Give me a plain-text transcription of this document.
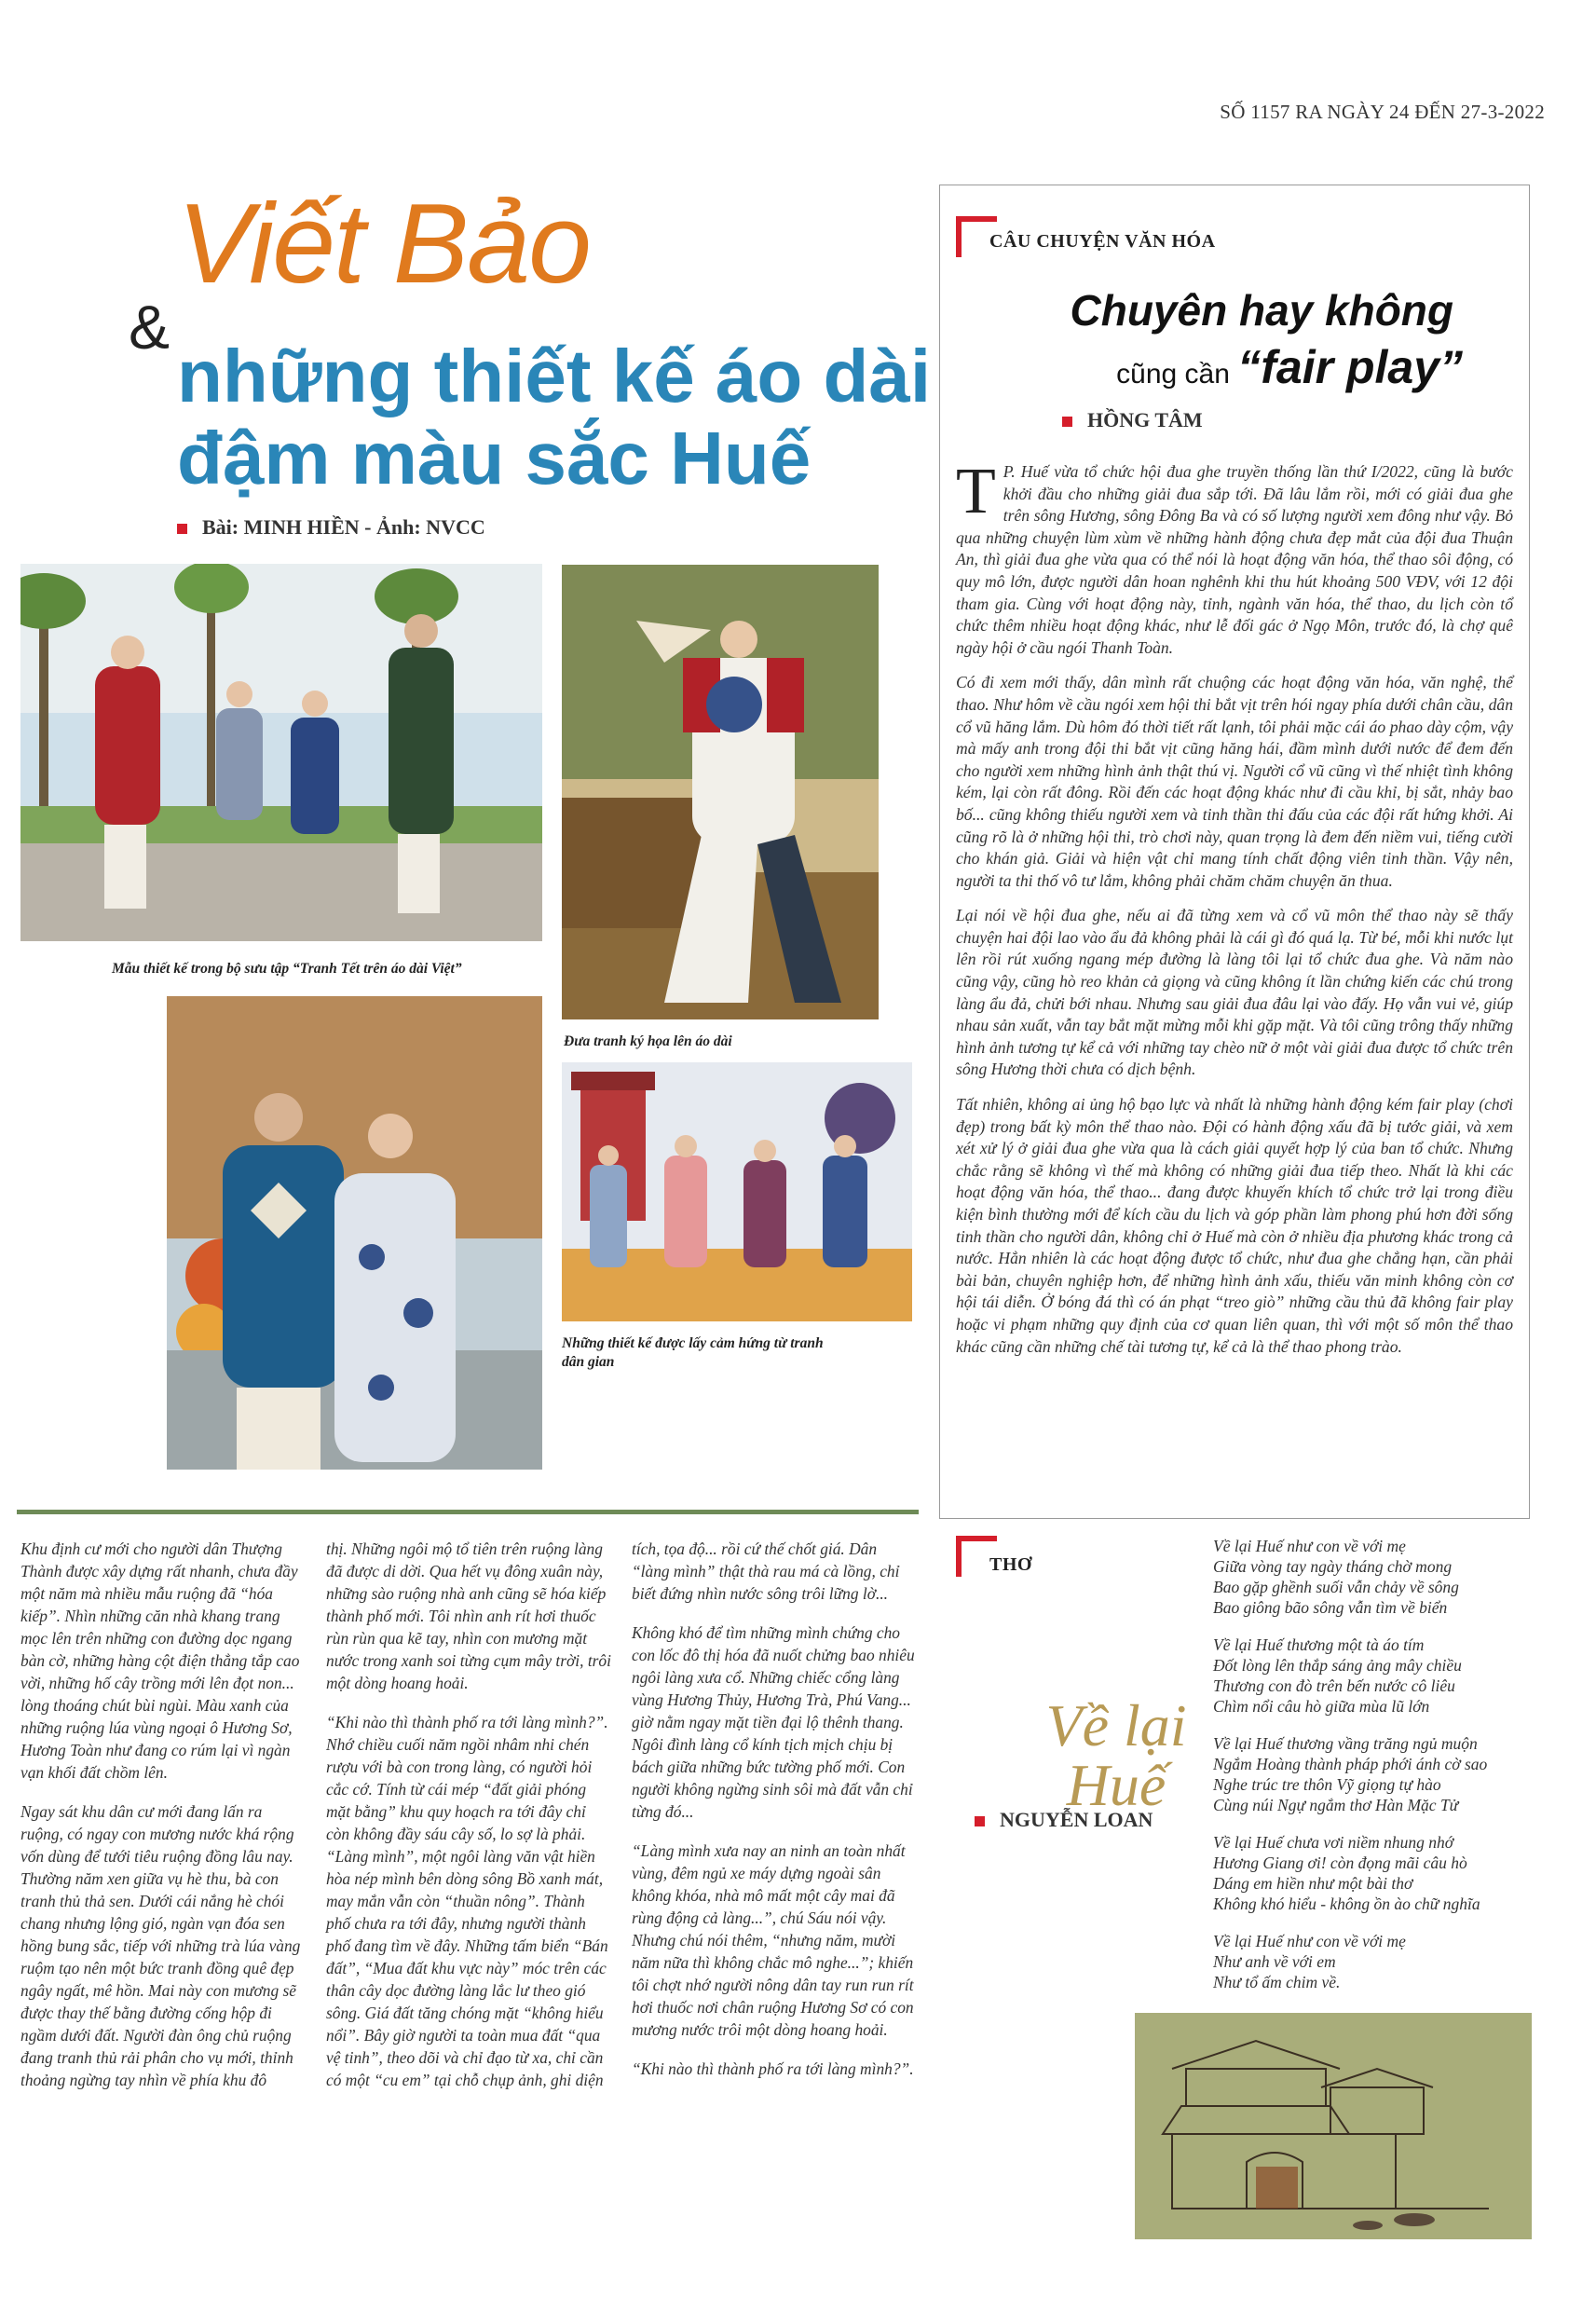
SỐ 1157 RA NGÀY 24 ĐẾN 27-3-2022
Viết Bảo
&
những thiết kế áo dài đậm màu sắc Huế
Bài: MINH HIỀN - Ảnh: NVCC
Mẫu thiết kế trong bộ sưu tập “Tranh Tết trên áo dài Việt”
Đưa tranh ký họa lên áo dài
Những thiết kế được lấy cảm hứng từ tranh dân gian

Khu định cư mới cho người dân Thượng Thành được xây dựng rất nhanh, chưa đầy một năm mà nhiều mẫu ruộng đã “hóa kiếp”. Nhìn những căn nhà khang trang mọc lên trên những con đường dọc ngang bàn cờ, những hàng cột điện thẳng tắp cao vời, những hố cây trồng mới lên đọt non... lòng thoáng chút bùi ngùi. Màu xanh của những ruộng lúa vùng ngoại ô Hương Sơ, Hương Toàn như đang co rúm lại vì ngàn vạn khối đất chồm lên.

Ngay sát khu dân cư mới đang lấn ra ruộng, có ngay con mương nước khá rộng vốn dùng để tưới tiêu ruộng đồng lâu nay. Thường năm xen giữa vụ hè thu, bà con tranh thủ thả sen. Dưới cái nắng hè chói chang nhưng lộng gió, ngàn vạn đóa sen hồng bung sắc, tiếp với những trà lúa vàng ruộm tạo nên một bức tranh đồng quê đẹp ngây ngất, mê hồn. Mai này con mương sẽ được thay thế bằng đường cống hộp đi ngầm dưới đất. Người đàn ông chủ ruộng đang tranh thủ rải phân cho vụ mới, thỉnh thoảng ngừng tay nhìn về phía khu đô

thị. Những ngôi mộ tổ tiên trên ruộng làng đã được di dời. Qua hết vụ đông xuân này, những sào ruộng nhà anh cũng sẽ hóa kiếp thành phố mới. Tôi nhìn anh rít hơi thuốc rùn rùn qua kẽ tay, nhìn con mương mặt nước trong xanh soi từng cụm mây trời, trôi một dòng hoang hoải.

“Khi nào thì thành phố ra tới làng mình?”. Nhớ chiều cuối năm ngồi nhâm nhi chén rượu với bà con trong làng, có người hỏi cắc cớ. Tính từ cái mép “đất giải phóng mặt bằng” khu quy hoạch ra tới đây chỉ còn không đầy sáu cây số, lo sợ là phải. “Làng mình”, một ngôi làng văn vật hiền hòa nép mình bên dòng sông Bồ xanh mát, may mắn vẫn còn “thuần nông”. Thành phố chưa ra tới đây, nhưng người thành phố đang tìm về đây. Những tấm biển “Bán đất”, “Mua đất khu vực này” móc trên các thân cây dọc đường làng lắc lư theo gió sông. Giá đất tăng chóng mặt “không hiểu nổi”. Bây giờ người ta toàn mua đất “qua vệ tinh”, theo dõi và chỉ đạo từ xa, chỉ cần có một “cu em” tại chỗ chụp ảnh, ghi diện

tích, tọa độ... rồi cứ thế chốt giá. Dân “làng mình” thật thà rau má cà lồng, chỉ biết đứng nhìn nước sông trôi lững lờ...

Không khó để tìm những mình chứng cho con lốc đô thị hóa đã nuốt chửng bao nhiêu ngôi làng xưa cổ. Những chiếc cổng làng vùng Hương Thủy, Hương Trà, Phú Vang... giờ nằm ngay mặt tiền đại lộ thênh thang. Ngôi đình làng cổ kính tịch mịch chịu bị bách giữa những bức tường phố mới. Con người không ngừng sinh sôi mà đất vẫn chỉ từng đó...

“Làng mình xưa nay an ninh an toàn nhất vùng, đêm ngủ xe máy dựng ngoài sân không khóa, nhà mô mất một cây mai đã rùng động cả làng...”, chú Sáu nói vậy. Nhưng chú nói thêm, “nhưng năm, mười năm nữa thì không chắc mô nghe...”; khiến tôi chợt nhớ người nông dân tay run run rít hơi thuốc nơi chân ruộng Hương Sơ có con mương nước trôi một dòng hoang hoải.

“Khi nào thì thành phố ra tới làng mình?”.

CÂU CHUYỆN VĂN HÓA
Chuyên hay không
cũng cần “fair play”
HỒNG TÂM

T P. Huế vừa tổ chức hội đua ghe truyền thống lần thứ I/2022, cũng là bước khởi đầu cho những giải đua sắp tới. Đã lâu lắm rồi, mới có giải đua ghe trên sông Hương, sông Đông Ba và có số lượng người xem đông như vậy. Bỏ qua những chuyện lùm xùm về những hành động chưa đẹp mắt của đội đua Thuận An, thì giải đua ghe vừa qua có thể nói là hoạt động văn hóa, thể thao sôi động, có quy mô lớn, được người dân hoan nghênh khi thu hút khoảng 500 VĐV, với 12 đội tham gia. Cùng với hoạt động này, tỉnh, ngành văn hóa, thể thao, du lịch còn tổ chức thêm nhiều hoạt động khác, như lễ đối gác ở Ngọ Môn, trước đó, là chợ quê ngày hội ở cầu ngói Thanh Toàn.

Có đi xem mới thấy, dân mình rất chuộng các hoạt động văn hóa, văn nghệ, thể thao. Như hôm về cầu ngói xem hội thi bắt vịt trên hói ngay phía dưới chân cầu, dân cổ vũ hăng lắm. Dù hôm đó thời tiết rất lạnh, tôi phải mặc cái áo phao dày cộm, vậy mà mấy anh trong đội thi bắt vịt cũng hăng hái, đầm mình dưới nước để đem đến cho người xem những hình ảnh thật thú vị. Người cổ vũ cũng vì thế nhiệt tình không kém, lại còn rất đông. Rồi đến các hoạt động khác như đi cầu khỉ, bị sắt, nhảy bao bố... cũng không thiếu người xem và tinh thần thi đấu của các đội rất hứng khởi. Ai cũng rõ là ở những hội thi, trò chơi này, quan trọng là đem đến niềm vui, tiếng cười cho khán giả. Giải và hiện vật chỉ mang tính chất động viên tinh thần. Vậy nên, người ta thi thố vô tư lắm, không phải chăm chăm chuyện ăn thua.

Lại nói về hội đua ghe, nếu ai đã từng xem và cổ vũ môn thể thao này sẽ thấy chuyện hai đội lao vào ẩu đả không phải là cái gì đó quá lạ. Từ bé, mỗi khi nước lụt lên rồi rút xuống ngang mép đường là làng tôi lại tổ chức đua ghe. Và năm nào cũng vậy, cũng hò reo khản cả giọng và cũng không ít lần chứng kiến các chú trong làng ẩu đả, chửi bới nhau. Nhưng sau giải đua đâu lại vào đấy. Họ vẫn vui vẻ, giúp nhau sản xuất, vẫn tay bắt mặt mừng mỗi khi gặp mặt. Và tôi cũng trông thấy những hình ảnh tương tự kể cả với những tay chèo nữ ở một vài giải đua được tổ chức trên sông Hương thời chưa có dịch bệnh.

Tất nhiên, không ai ủng hộ bạo lực và nhất là những hành động kém fair play (chơi đẹp) trong bất kỳ môn thể thao nào. Đội có hành động xấu đã bị tước giải, và xem xét xử lý ở giải đua ghe vừa qua là cách giải quyết hợp lý của ban tổ chức. Nhưng chắc rằng sẽ không vì thế mà không có những giải đua tiếp theo. Nhất là khi các hoạt động văn hóa, thể thao... đang được khuyến khích tổ chức trở lại trong điều kiện bình thường mới để kích cầu du lịch và góp phần làm phong phú hơn đời sống tinh thần cho người dân, không chỉ ở Huế mà còn ở nhiều địa phương khác trong cả nước. Hẳn nhiên là các hoạt động được tổ chức, như đua ghe chẳng hạn, cần phải bài bản, chuyên nghiệp hơn, để những hình ảnh xấu, thiếu văn minh không còn cơ hội tái diễn. Ở bóng đá thì có án phạt “treo giò” những cầu thủ đã không fair play hoặc vi phạm những quy định của cơ quan liên quan, thì với một số môn thể thao khác cũng cần những chế tài tương tự, kể cả là thể thao phong trào.

THƠ
Về lại
Huế
NGUYỄN LOAN

Về lại Huế như con về với mẹ
Giữa vòng tay ngày tháng chờ mong
Bao gặp ghềnh suối vẫn chảy về sông
Bao giông bão sông vẫn tìm về biển

Về lại Huế thương một tà áo tím
Đốt lòng lên thắp sáng ảng mây chiều
Thương con đò trên bến nước cô liêu
Chìm nổi câu hò giữa mùa lũ lớn

Về lại Huế thương vầng trăng ngủ muộn
Ngắm Hoàng thành pháp phới ánh cờ sao
Nghe trúc tre thôn Vỹ giọng tự hào
Cùng núi Ngự ngắm thơ Hàn Mặc Tử

Về lại Huế chưa vơi niềm nhung nhớ
Hương Giang ơi! còn đọng mãi câu hò
Dáng em hiền như một bài thơ
Không khó hiểu - không ồn ào chữ nghĩa

Về lại Huế như con về với mẹ
Như anh về với em
Như tổ ấm chim về.
